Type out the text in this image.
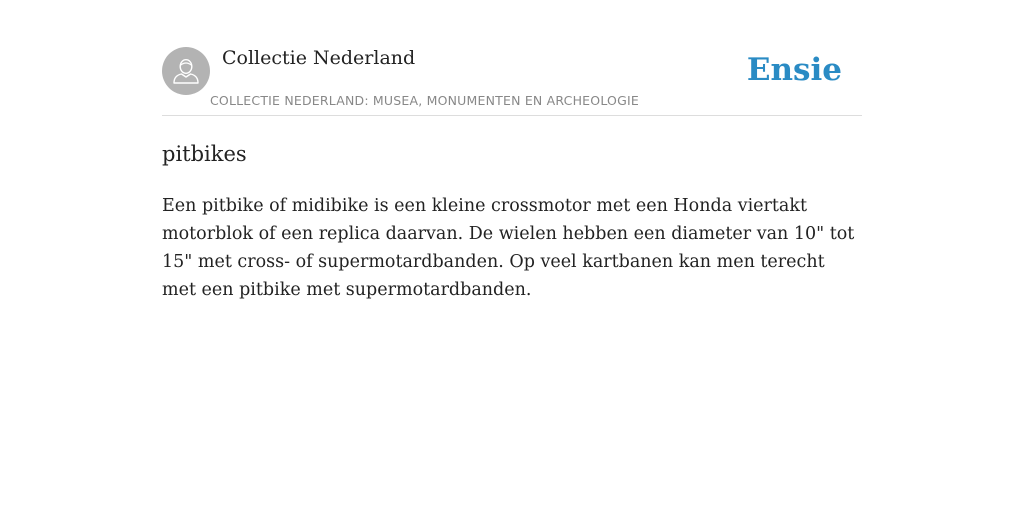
Collectie Nederland
COLLECTIE NEDERLAND: MUSEA, MONUMENTEN EN ARCHEOLOGIE
Ensie
pitbikes

Een pitbike of midibike is een kleine crossmotor met een Honda viertakt motorblok of een replica daarvan. De wielen hebben een diameter van 10" tot 15" met cross- of supermotardbanden. Op veel kartbanen kan men terecht met een pitbike met supermotardbanden.
